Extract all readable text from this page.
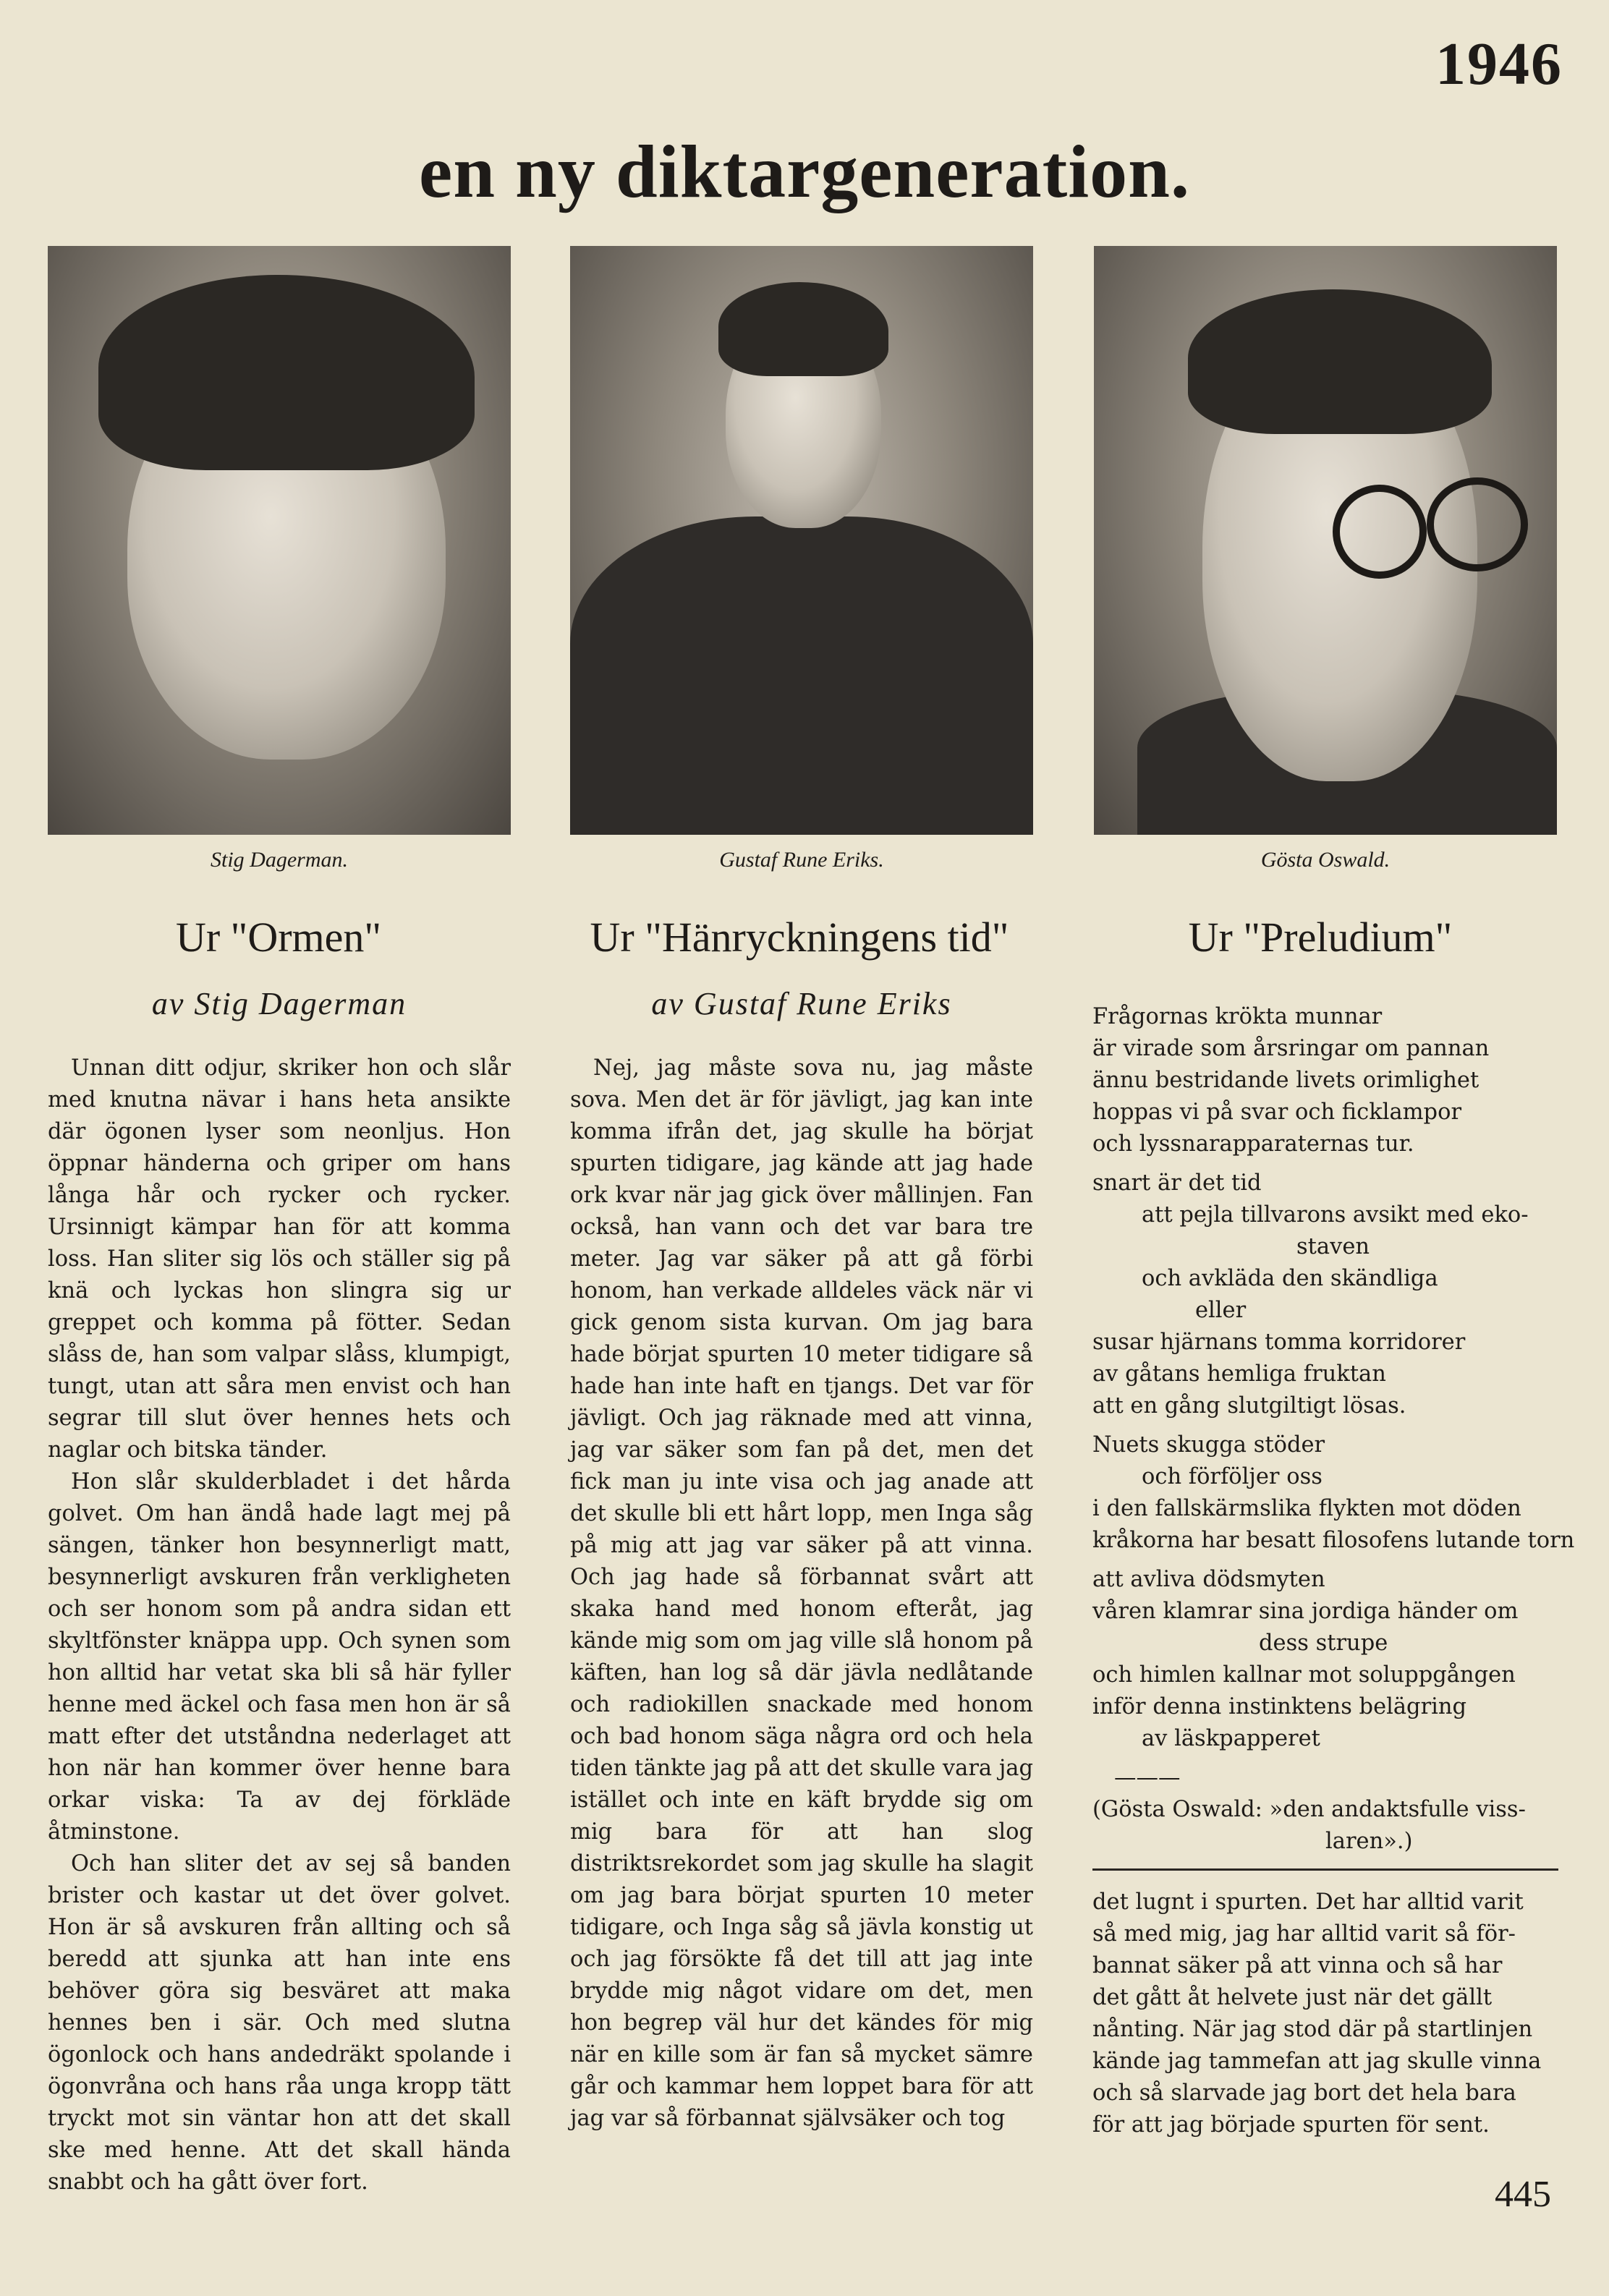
1946
en ny diktargeneration.
Stig Dagerman.	Gustaf Rune Eriks.	Gösta Oswald.
Ur "Ormen"	Ur "Hänryckningens tid"	Ur "Preludium"
av Stig Dagerman	av Gustaf Rune Eriks
Unnan ditt odjur, skriker hon och slår med knutna nävar i hans heta ansikte där ögonen lyser som neonljus. Hon öppnar händerna och griper om hans långa hår och rycker och rycker. Ursinnigt kämpar han för att komma loss. Han sliter sig lös och ställer sig på knä och lyckas hon slingra sig ur greppet och komma på fötter. Sedan slåss de, han som valpar slåss, klumpigt, tungt, utan att såra men envist och han segrar till slut över hennes hets och naglar och bitska tänder.
Hon slår skulderbladet i det hårda golvet. Om han ändå hade lagt mej på sängen, tänker hon besynnerligt matt, besynnerligt avskuren från verkligheten och ser honom som på andra sidan ett skyltfönster knäppa upp. Och synen som hon alltid har vetat ska bli så här fyller henne med äckel och fasa men hon är så matt efter det utståndna nederlaget att hon när han kommer över henne bara orkar viska: Ta av dej förkläde åtminstone.
Och han sliter det av sej så banden brister och kastar ut det över golvet. Hon är så avskuren från allting och så beredd att sjunka att han inte ens behöver göra sig besväret att maka hennes ben i sär. Och med slutna ögonlock och hans andedräkt spolande i ögonvråna och hans råa unga kropp tätt tryckt mot sin väntar hon att det skall ske med henne. Att det skall hända snabbt och ha gått över fort.
Nej, jag måste sova nu, jag måste sova. Men det är för jävligt, jag kan inte komma ifrån det, jag skulle ha börjat spurten tidigare, jag kände att jag hade ork kvar när jag gick över mållinjen. Fan också, han vann och det var bara tre meter. Jag var säker på att gå förbi honom, han verkade alldeles väck när vi gick genom sista kurvan. Om jag bara hade börjat spurten 10 meter tidigare så hade han inte haft en tjangs. Det var för jävligt. Och jag räknade med att vinna, jag var säker som fan på det, men det fick man ju inte visa och jag anade att det skulle bli ett hårt lopp, men Inga såg på mig att jag var säker på att vinna. Och jag hade så förbannat svårt att skaka hand med honom efteråt, jag kände mig som om jag ville slå honom på käften, han log så där jävla nedlåtande och radiokillen snackade med honom och bad honom säga några ord och hela tiden tänkte jag på att det skulle vara jag istället och inte en käft brydde sig om mig bara för att han slog distriktsrekordet som jag skulle ha slagit om jag bara börjat spurten 10 meter tidigare, och Inga såg så jävla konstig ut och jag försökte få det till att jag inte brydde mig något vidare om det, men hon begrep väl hur det kändes för mig när en kille som är fan så mycket sämre går och kammar hem loppet bara för att jag var så förbannat självsäker och tog
Frågornas krökta munnar
är virade som årsringar om pannan
ännu bestridande livets orimlighet
hoppas vi på svar och ficklampor
och lyssnarapparaternas tur.
snart är det tid
att pejla tillvarons avsikt med eko-
staven
och avkläda den skändliga
eller
susar hjärnans tomma korridorer
av gåtans hemliga fruktan
att en gång slutgiltigt lösas.
Nuets skugga stöder
och förföljer oss
i den fallskärmslika flykten mot döden
kråkorna har besatt filosofens lutande torn
att avliva dödsmyten
våren klamrar sina jordiga händer om
dess strupe
och himlen kallnar mot soluppgången
inför denna instinktens belägring
av läskpapperet
———
(Gösta Oswald: »den andaktsfulle viss-
laren».)
det lugnt i spurten. Det har alltid varit
så med mig, jag har alltid varit så för-
bannat säker på att vinna och så har
det gått åt helvete just när det gällt
nånting. När jag stod där på startlinjen
kände jag tammefan att jag skulle vinna
och så slarvade jag bort det hela bara
för att jag började spurten för sent.
445
